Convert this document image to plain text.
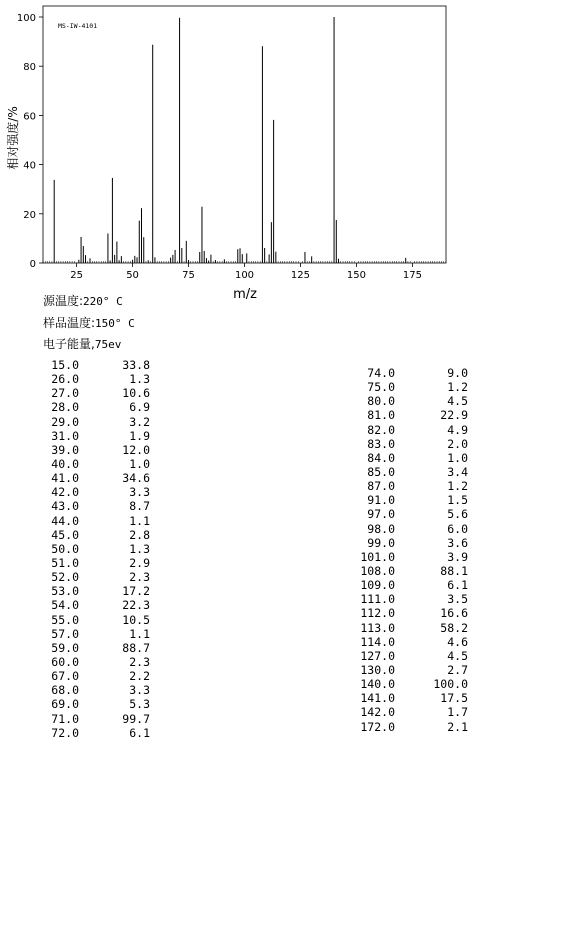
MS-IW-4101
0
20
40
60
80
100
25	50	75	100	125	150	175
m/z
相对强度/%
源温度:220° C
样品温度:150° C
电子能量,75ev
15.0	33.8
26.0	1.3
27.0	10.6
28.0	6.9
29.0	3.2
31.0	1.9
39.0	12.0
40.0	1.0
41.0	34.6
42.0	3.3
43.0	8.7
44.0	1.1
45.0	2.8
50.0	1.3
51.0	2.9
52.0	2.3
53.0	17.2
54.0	22.3
55.0	10.5
57.0	1.1
59.0	88.7
60.0	2.3
67.0	2.2
68.0	3.3
69.0	5.3
71.0	99.7
72.0	6.1
74.0	9.0
75.0	1.2
80.0	4.5
81.0	22.9
82.0	4.9
83.0	2.0
84.0	1.0
85.0	3.4
87.0	1.2
91.0	1.5
97.0	5.6
98.0	6.0
99.0	3.6
101.0	3.9
108.0	88.1
109.0	6.1
111.0	3.5
112.0	16.6
113.0	58.2
114.0	4.6
127.0	4.5
130.0	2.7
140.0	100.0
141.0	17.5
142.0	1.7
172.0	2.1
